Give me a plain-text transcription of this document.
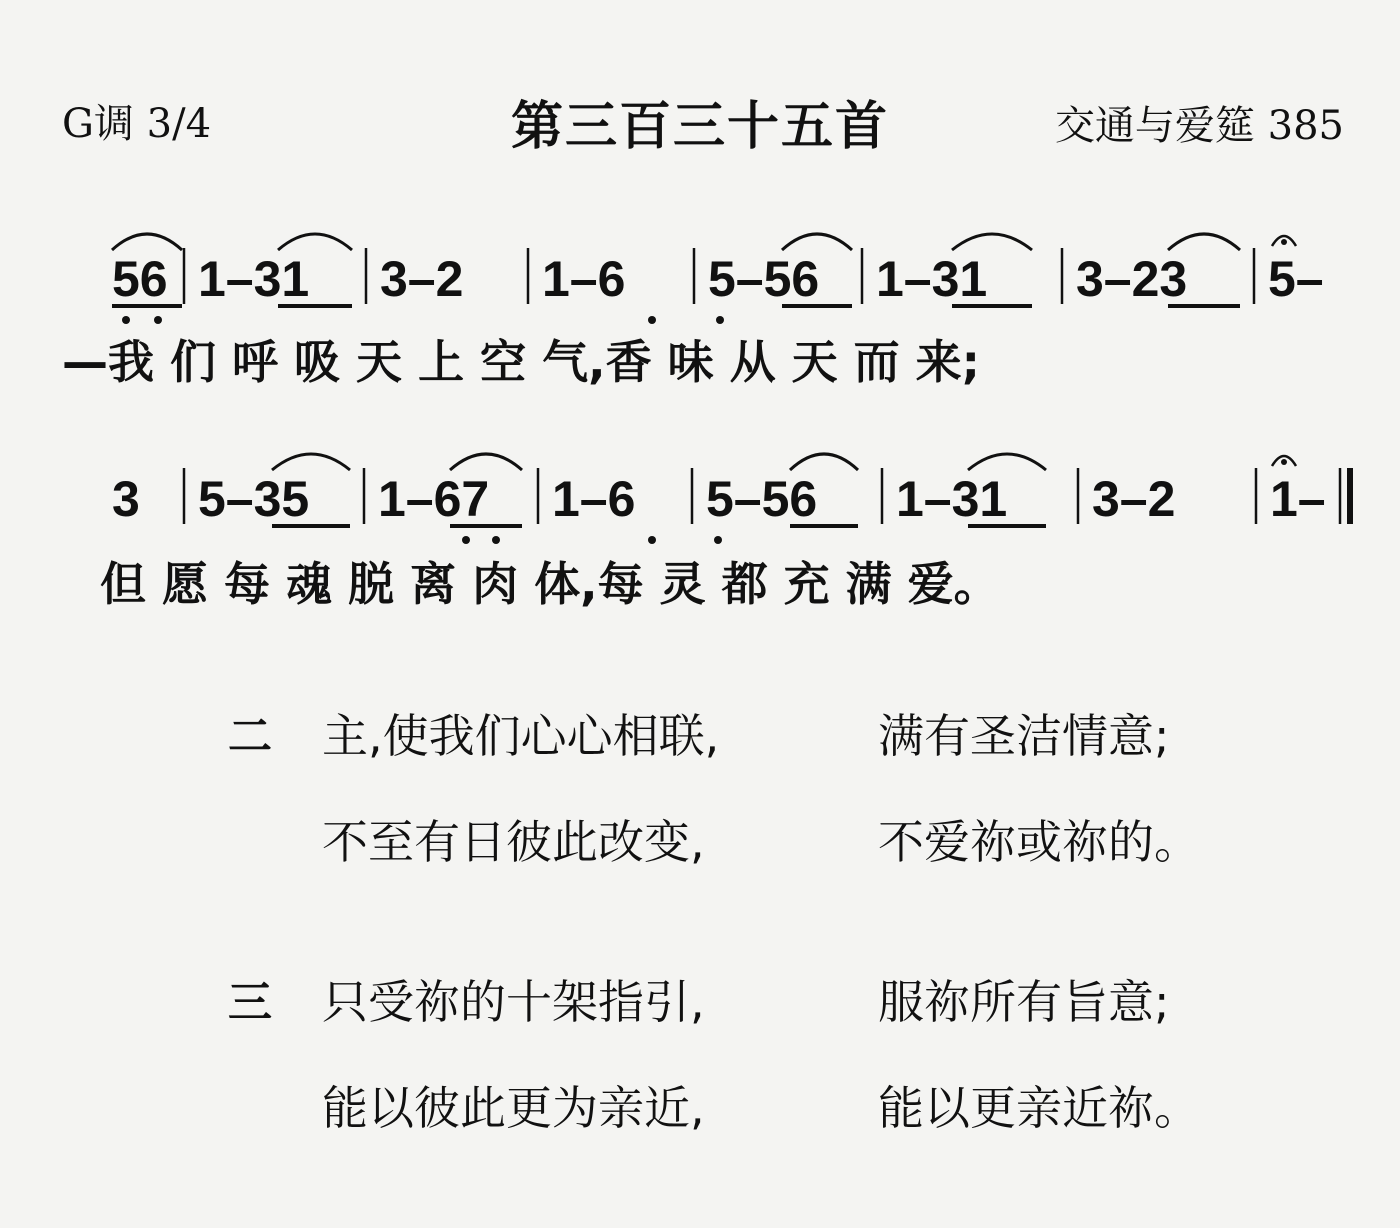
G调 3/4	第三百三十五首	交通与爱筵 385
56 1–31 3–2 1–6 5–56 1–31 3–23 5–
3 5–35 1–67 1–6 5–56 1–31 3–2 1–
—我 们 呼 吸 天 上 空 气,香 味 从 天 而 来;
但 愿 每 魂 脱 离 肉 体,每 灵 都 充 满 爱。
二 主,使我们心心相联,	满有圣洁情意;
不至有日彼此改变,	不爱祢或祢的。
三 只受祢的十架指引,	服祢所有旨意;
能以彼此更为亲近,	能以更亲近祢。
